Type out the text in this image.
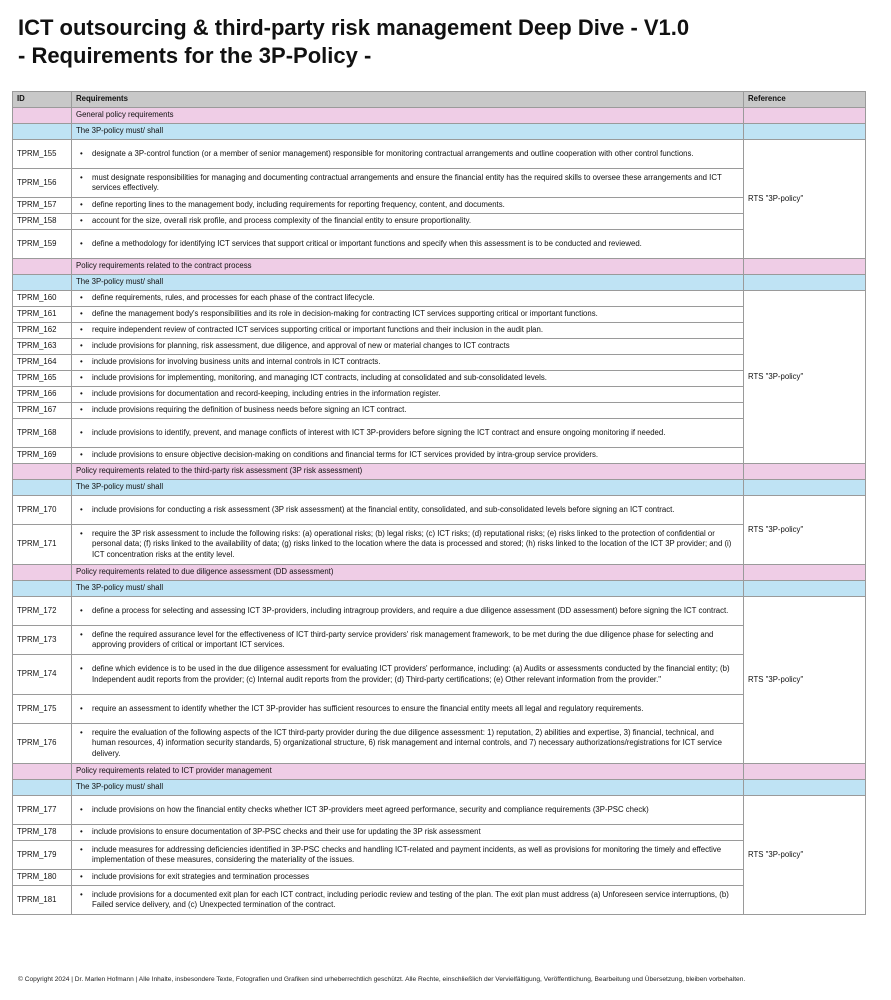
ICT outsourcing & third-party risk management Deep Dive - V1.0
- Requirements for the 3P-Policy -
ID	Requirements	Reference
	General policy requirements	
	The 3P-policy must/ shall	
TPRM_155	• designate a 3P-control function (or a member of senior management) responsible for monitoring contractual arrangements and outline cooperation with other control functions.	RTS "3P-policy"
TPRM_156	• must designate responsibilities for managing and documenting contractual arrangements and ensure the financial entity has the required skills to oversee these arrangements and ICT services effectively.	

TPRM_157	• define reporting lines to the management body, including requirements for reporting frequency, content, and documents.	

TPRM_158	• account for the size, overall risk profile, and process complexity of the financial entity to ensure proportionality.	

TPRM_159	• define a methodology for identifying ICT services that support critical or important functions and specify when this assessment is to be conducted and reviewed.	

	Policy requirements related to the contract process	
	The 3P-policy must/ shall	
TPRM_160	• define requirements, rules, and processes for each phase of the contract lifecycle.	RTS "3P-policy"
TPRM_161	• define the management body's responsibilities and its role in decision-making for contracting ICT services supporting critical or important functions.	

TPRM_162	• require independent review of contracted ICT services supporting critical or important functions and their inclusion in the audit plan.	

TPRM_163	• include provisions for planning, risk assessment, due diligence, and approval of new or material changes to ICT contracts	

TPRM_164	• include provisions for involving business units and internal controls in ICT contracts.	

TPRM_165	• include provisions for implementing, monitoring, and managing ICT contracts, including at consolidated and sub-consolidated levels.	

TPRM_166	• include provisions for documentation and record-keeping, including entries in the information register.	

TPRM_167	• include provisions requiring the definition of business needs before signing an ICT contract.	

TPRM_168	• include provisions to identify, prevent, and manage conflicts of interest with ICT 3P-providers before signing the ICT contract and ensure ongoing monitoring if needed.	

TPRM_169	• include provisions to ensure objective decision-making on conditions and financial terms for ICT services provided by intra-group service providers.	

	Policy requirements related to the third-party risk assessment (3P risk assessment)	
	The 3P-policy must/ shall	
TPRM_170	• include provisions for conducting a risk assessment (3P risk assessment) at the financial entity, consolidated, and sub-consolidated levels before signing an ICT contract.	RTS "3P-policy"
TPRM_171	• require the 3P risk assessment to include the following risks: (a) operational risks; (b) legal risks; (c) ICT risks; (d) reputational risks; (e) risks linked to the protection of confidential or personal data; (f) risks linked to the availability of data; (g) risks linked to the location where the data is processed and stored; (h) risks linked to the location of the ICT 3P provider; and (i) ICT concentration risks at the entity level.	

	Policy requirements related to due diligence assessment (DD assessment)	
	The 3P-policy must/ shall	
TPRM_172	• define a process for selecting and assessing ICT 3P-providers, including intragroup providers, and require a due diligence assessment (DD assessment) before signing the ICT contract.	RTS "3P-policy"
TPRM_173	• define the required assurance level for the effectiveness of ICT third-party service providers' risk management framework, to be met during the due diligence phase for selecting and approving providers of critical or important ICT services.	

TPRM_174	• define which evidence is to be used in the due diligence assessment for evaluating ICT providers' performance, including: (a) Audits or assessments conducted by the financial entity; (b) Independent audit reports from the provider; (c) Internal audit reports from the provider; (d) Third-party certifications; (e) Other relevant information from the provider."	

TPRM_175	• require an assessment to identify whether the ICT 3P-provider has sufficient resources to ensure the financial entity meets all legal and regulatory requirements.	

TPRM_176	• require the evaluation of the following aspects of the ICT third-party provider during the due diligence assessment: 1) reputation, 2) abilities and expertise, 3) financial, technical, and human resources, 4) information security standards, 5) organizational structure, 6) risk management and internal controls, and 7) necessary authorizations/registrations for ICT service delivery.	

	Policy requirements related to ICT provider management	
	The 3P-policy must/ shall	
TPRM_177	• include provisions on how the financial entity checks whether ICT 3P-providers meet agreed performance, security and compliance requirements (3P-PSC check)	RTS "3P-policy"
TPRM_178	• include provisions to ensure documentation of 3P-PSC checks and their use for updating the 3P risk assessment	

TPRM_179	• include measures for addressing deficiencies identified in 3P-PSC checks and handling ICT-related and payment incidents, as well as provisions for monitoring the timely and effective implementation of these measures, considering the materiality of the issues.	

TPRM_180	• include provisions for exit strategies and termination processes	

TPRM_181	• include provisions for a documented exit plan for each ICT contract, including periodic review and testing of the plan. The exit plan must address (a) Unforeseen service interruptions, (b) Failed service delivery, and (c) Unexpected termination of the contract.	
© Copyright 2024 | Dr. Marlen Hofmann | Alle Inhalte, insbesondere Texte, Fotografien und Grafiken sind urheberrechtlich geschützt. Alle Rechte, einschließlich der Vervielfältigung, Veröffentlichung, Bearbeitung und Übersetzung, bleiben vorbehalten.
